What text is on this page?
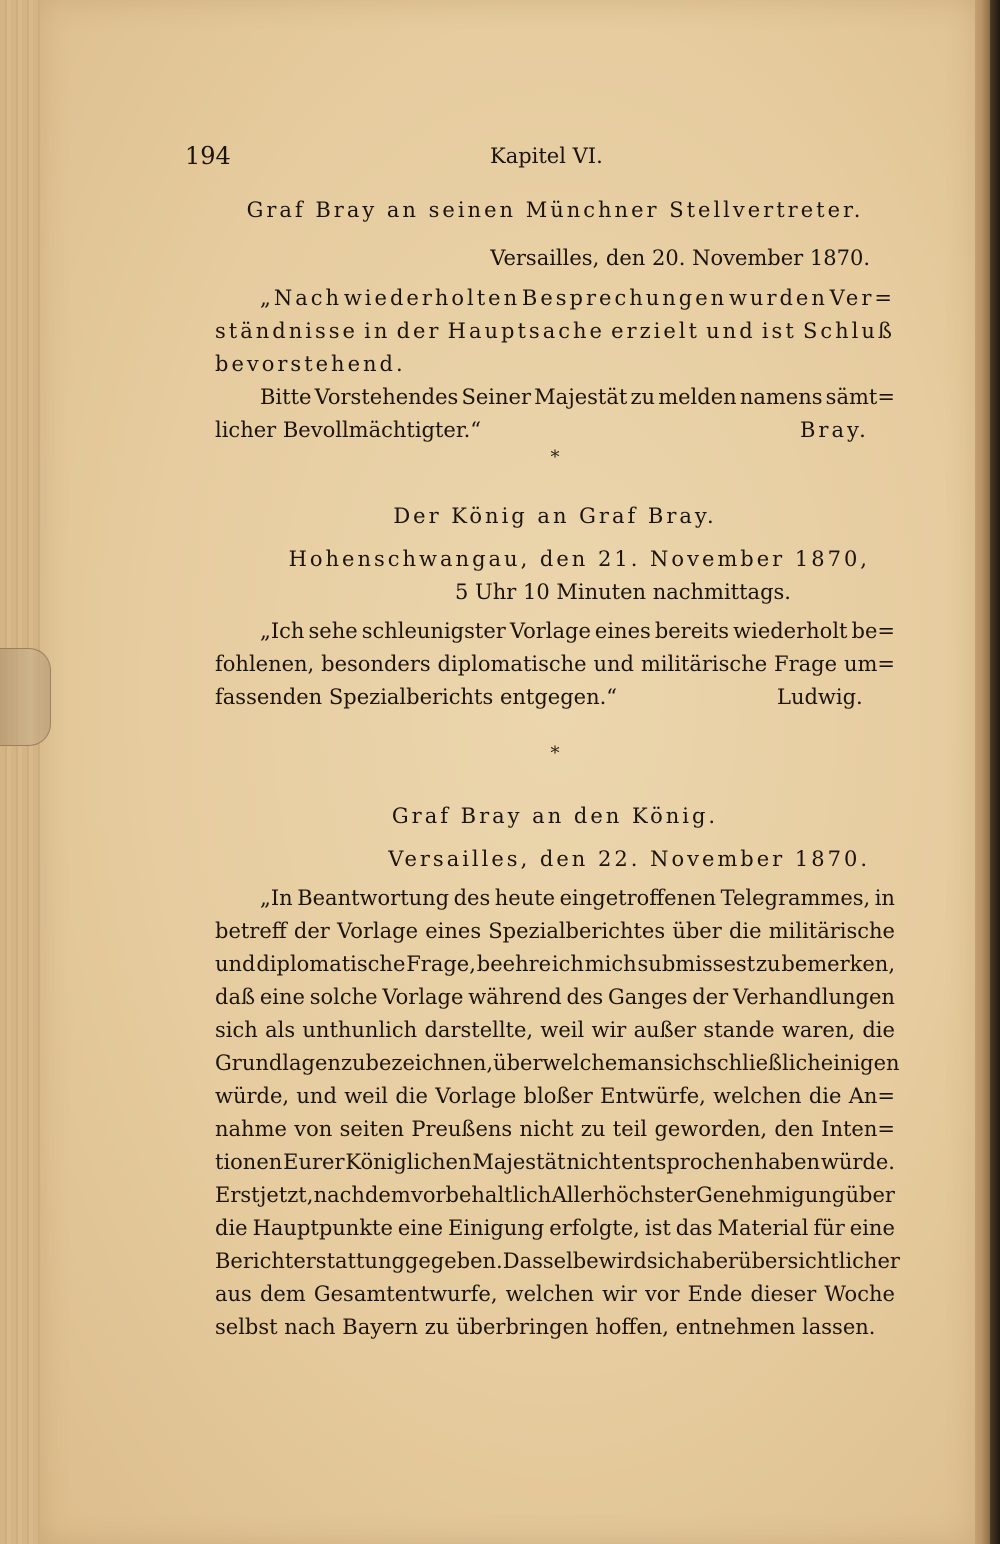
194	Kapitel VI.
Graf Bray an seinen Münchner Stellvertreter.
Versailles, den 20. November 1870.
„Nach wiederholten Besprechungen wurden Ver=
ständnisse in der Hauptsache erzielt und ist Schluß
bevorstehend.
Bitte Vorstehendes Seiner Majestät zu melden namens sämt=
licher Bevollmächtigter.“	Bray.
*
Der König an Graf Bray.
Hohenschwangau, den 21. November 1870,
5 Uhr 10 Minuten nachmittags.
„Ich sehe schleunigster Vorlage eines bereits wiederholt be=
fohlenen, besonders diplomatische und militärische Frage um=
fassenden Spezialberichts entgegen.“	Ludwig.
*
Graf Bray an den König.
Versailles, den 22. November 1870.
„In Beantwortung des heute eingetroffenen Telegrammes, in
betreff der Vorlage eines Spezialberichtes über die militärische
und diplomatische Frage, beehre ich mich submissest zu bemerken,
daß eine solche Vorlage während des Ganges der Verhandlungen
sich als unthunlich darstellte, weil wir außer stande waren, die
Grundlagen zu bezeichnen, über welche man sich schließlich einigen
würde, und weil die Vorlage bloßer Entwürfe, welchen die An=
nahme von seiten Preußens nicht zu teil geworden, den Inten=
tionen Eurer Königlichen Majestät nicht entsprochen haben würde.
Erst jetzt, nachdem vorbehaltlich Allerhöchster Genehmigung über
die Hauptpunkte eine Einigung erfolgte, ist das Material für eine
Berichterstattung gegeben. Dasselbe wird sich aber übersichtlicher
aus dem Gesamtentwurfe, welchen wir vor Ende dieser Woche
selbst nach Bayern zu überbringen hoffen, entnehmen lassen.
